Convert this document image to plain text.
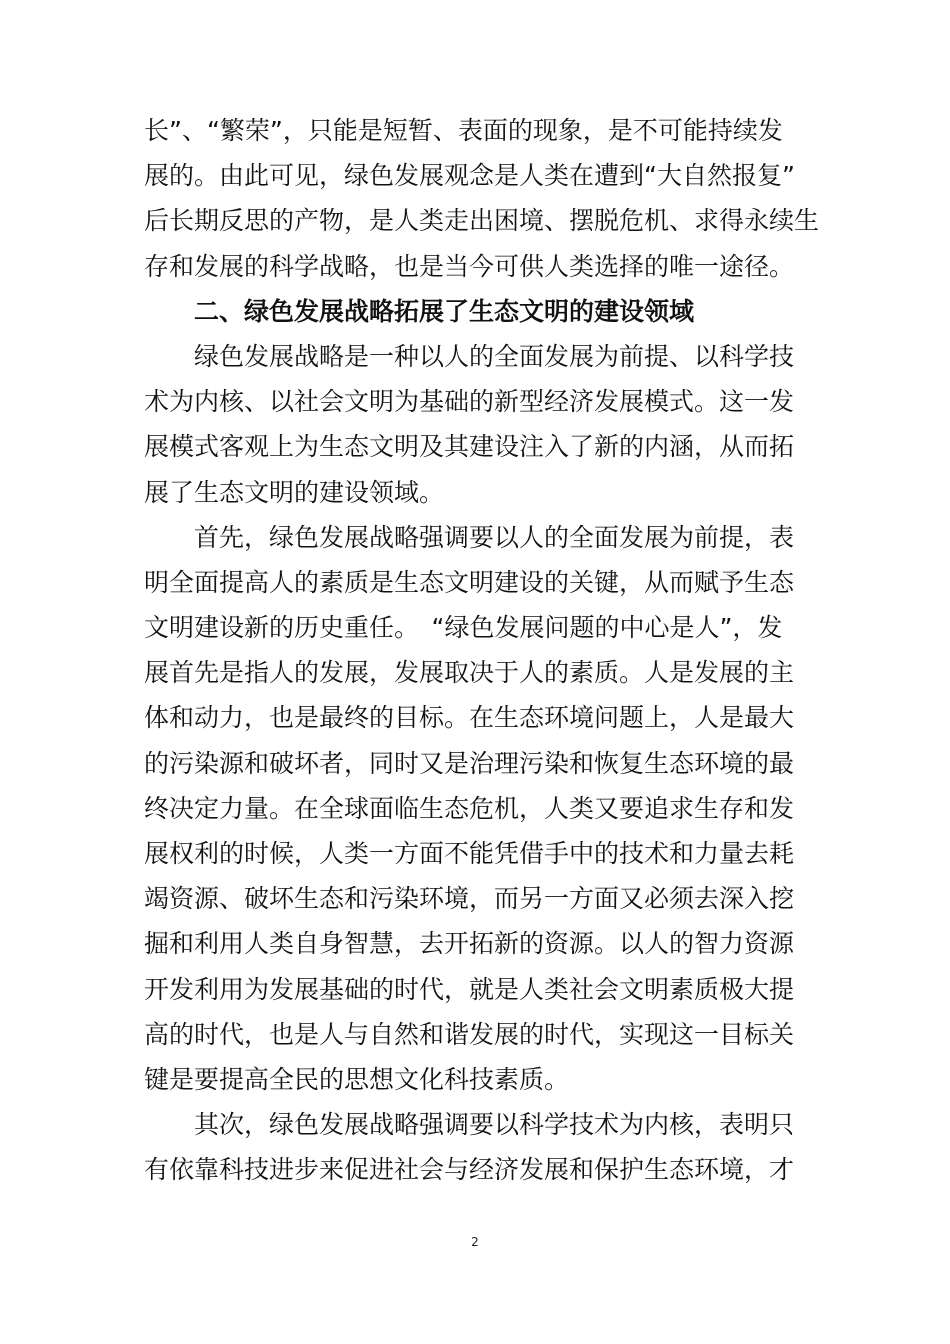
长”、“繁荣”，只能是短暂、表面的现象，是不可能持续发
展的。由此可见，绿色发展观念是人类在遭到“大自然报复”
后长期反思的产物，是人类走出困境、摆脱危机、求得永续生
存和发展的科学战略，也是当今可供人类选择的唯一途径。
　　二、绿色发展战略拓展了生态文明的建设领域
　　绿色发展战略是一种以人的全面发展为前提、以科学技
术为内核、以社会文明为基础的新型经济发展模式。这一发
展模式客观上为生态文明及其建设注入了新的内涵，从而拓
展了生态文明的建设领域。
　　首先，绿色发展战略强调要以人的全面发展为前提，表
明全面提高人的素质是生态文明建设的关键，从而赋予生态
文明建设新的历史重任。　“绿色发展问题的中心是人”，发
展首先是指人的发展，发展取决于人的素质。人是发展的主
体和动力，也是最终的目标。在生态环境问题上，人是最大
的污染源和破坏者，同时又是治理污染和恢复生态环境的最
终决定力量。在全球面临生态危机，人类又要追求生存和发
展权利的时候，人类一方面不能凭借手中的技术和力量去耗
竭资源、破坏生态和污染环境，而另一方面又必须去深入挖
掘和利用人类自身智慧，去开拓新的资源。以人的智力资源
开发利用为发展基础的时代，就是人类社会文明素质极大提
高的时代，也是人与自然和谐发展的时代，实现这一目标关
键是要提高全民的思想文化科技素质。
　　其次，绿色发展战略强调要以科学技术为内核，表明只
有依靠科技进步来促进社会与经济发展和保护生态环境，才
2
